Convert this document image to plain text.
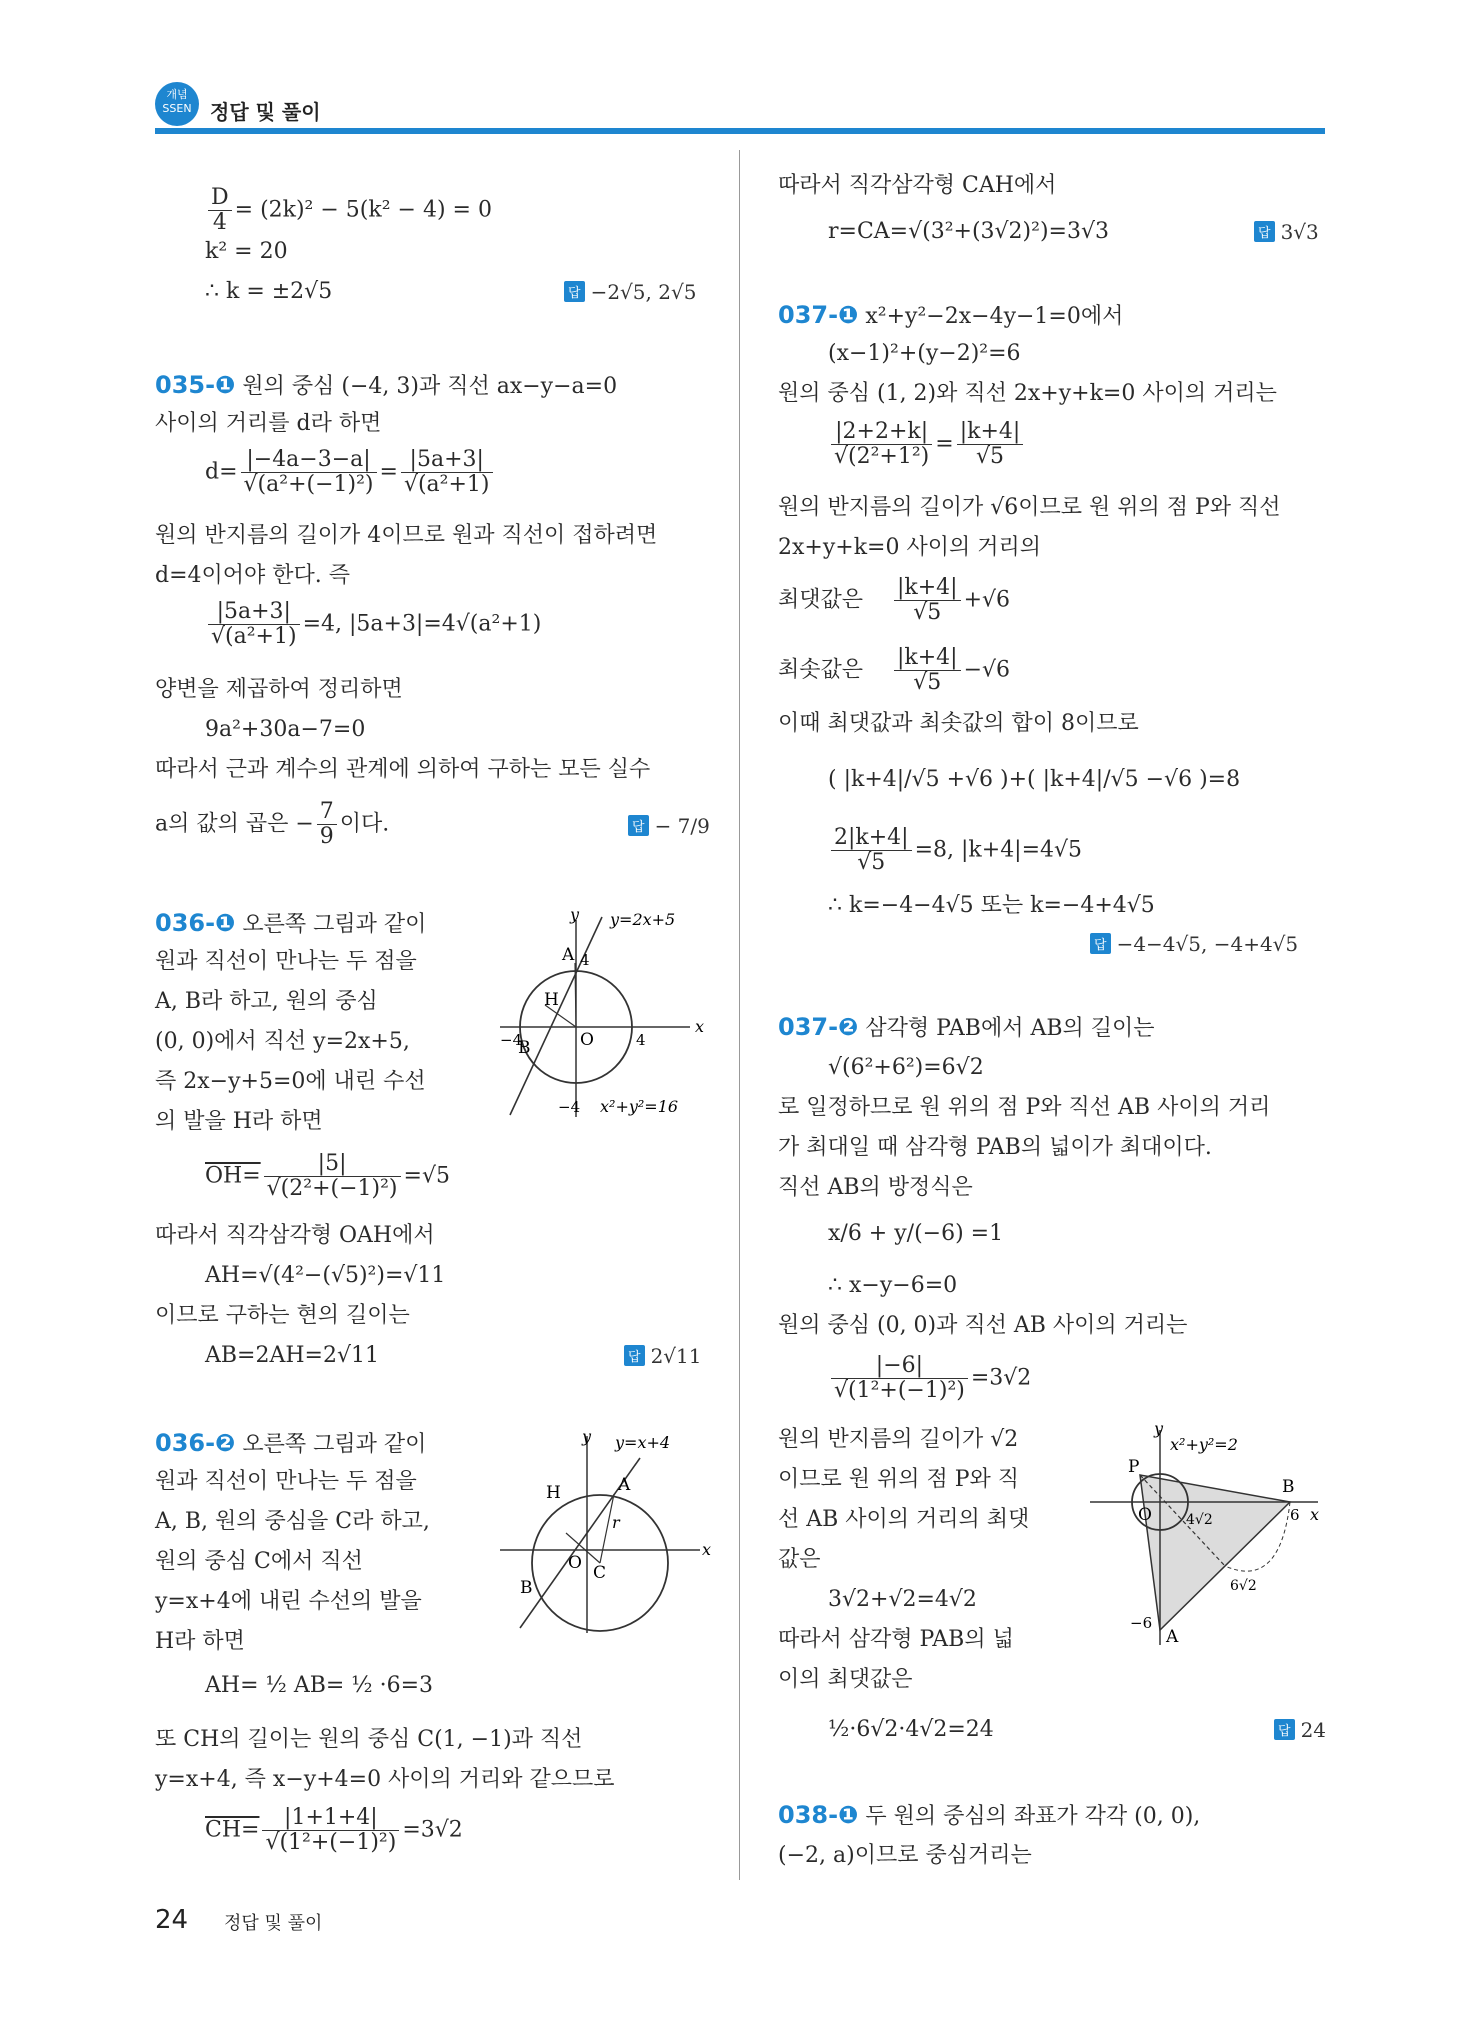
개념
SSEN 정답 및 풀이
$\frac{D}{4} = (2k)^2 - 5(k^2 - 4) = 0$
k² = 20
∴ k = ±2√5	답 −2√5, 2√5
035-❶ 원의 중심 (−4, 3)과 직선 ax−y−a=0
사이의 거리를 d라 하면
$d= \frac{|-4a-3-a|}{\text{√(a²+(−1)²)}} = \frac{|5a+3|}{\text{√(a²+1)}}$
원의 반지름의 길이가 4이므로 원과 직선이 접하려면
d=4이어야 한다. 즉
$\frac{|5a+3|}{\text{√(a²+1)}} =4$, |5a+3|=4√(a²+1)
양변을 제곱하여 정리하면
9a²+30a−7=0
따라서 근과 계수의 관계에 의하여 구하는 모든 실수
a의 값의 곱은 − $\frac{7}{9}$ 이다.	답 − 7/9
036-❶ 오른쪽 그림과 같이
원과 직선이 만나는 두 점을
A, B라 하고, 원의 중심
(0, 0)에서 직선 y=2x+5,
즉 2x−y+5=0에 내린 수선
의 발을 H라 하면
y
x
y=2x+5
x²+y²=16
A
B
H
O
4
−4	4
−4
$OH= \frac{|5|}{\text{√(2²+(−1)²)}} =√5$
따라서 직각삼각형 OAH에서
AH=√(4²−(√5)²)=√11
이므로 구하는 현의 길이는
AB=2AH=2√11	답 2√11
036-❷ 오른쪽 그림과 같이
원과 직선이 만나는 두 점을
A, B, 원의 중심을 C라 하고,
원의 중심 C에서 직선
y=x+4에 내린 수선의 발을
H라 하면
y
x
y=x+4
A
B
H
O C
r
AH= ½ AB= ½ ·6=3
또 CH의 길이는 원의 중심 C(1, −1)과 직선
y=x+4, 즉 x−y+4=0 사이의 거리와 같으므로
$CH= \frac{|1+1+4|}{\text{√(1²+(−1)²)}} =3√2$
따라서 직각삼각형 CAH에서
r=CA=√(3²+(3√2)²)=3√3	답 3√3
037-❶ x²+y²−2x−4y−1=0에서
(x−1)²+(y−2)²=6
원의 중심 (1, 2)와 직선 2x+y+k=0 사이의 거리는
$\frac{|2+2+k|}{\text{√(2²+1²)}} = \frac{|k+4|}{√5}$
원의 반지름의 길이가 √6이므로 원 위의 점 P와 직선
2x+y+k=0 사이의 거리의
최댓값은 $\frac{|k+4|}{√5} +√6$
최솟값은 $\frac{|k+4|}{√5} -√6$
이때 최댓값과 최솟값의 합이 8이므로
( |k+4|/√5 +√6 )+( |k+4|/√5 −√6 )=8
$\frac{2|k+4|}{√5} =8$, |k+4|=4√5
∴ k=−4−4√5 또는 k=−4+4√5
답 −4−4√5, −4+4√5
037-❷ 삼각형 PAB에서 AB의 길이는
√(6²+6²)=6√2
로 일정하므로 원 위의 점 P와 직선 AB 사이의 거리
가 최대일 때 삼각형 PAB의 넓이가 최대이다.
직선 AB의 방정식은
x/6 + y/(−6) =1
∴ x−y−6=0
원의 중심 (0, 0)과 직선 AB 사이의 거리는
$\frac{|-6|}{\text{√(1²+(−1)²)}} =3√2$
원의 반지름의 길이가 √2
이므로 원 위의 점 P와 직
선 AB 사이의 거리의 최댓
값은
3√2+√2=4√2
따라서 삼각형 PAB의 넓
이의 최댓값은
½·6√2·4√2=24	답 24
y
x
x²+y²=2
P
B
O
A
6
−6
4√2
6√2
038-❶ 두 원의 중심의 좌표가 각각 (0, 0),
(−2, a)이므로 중심거리는
24 정답 및 풀이
